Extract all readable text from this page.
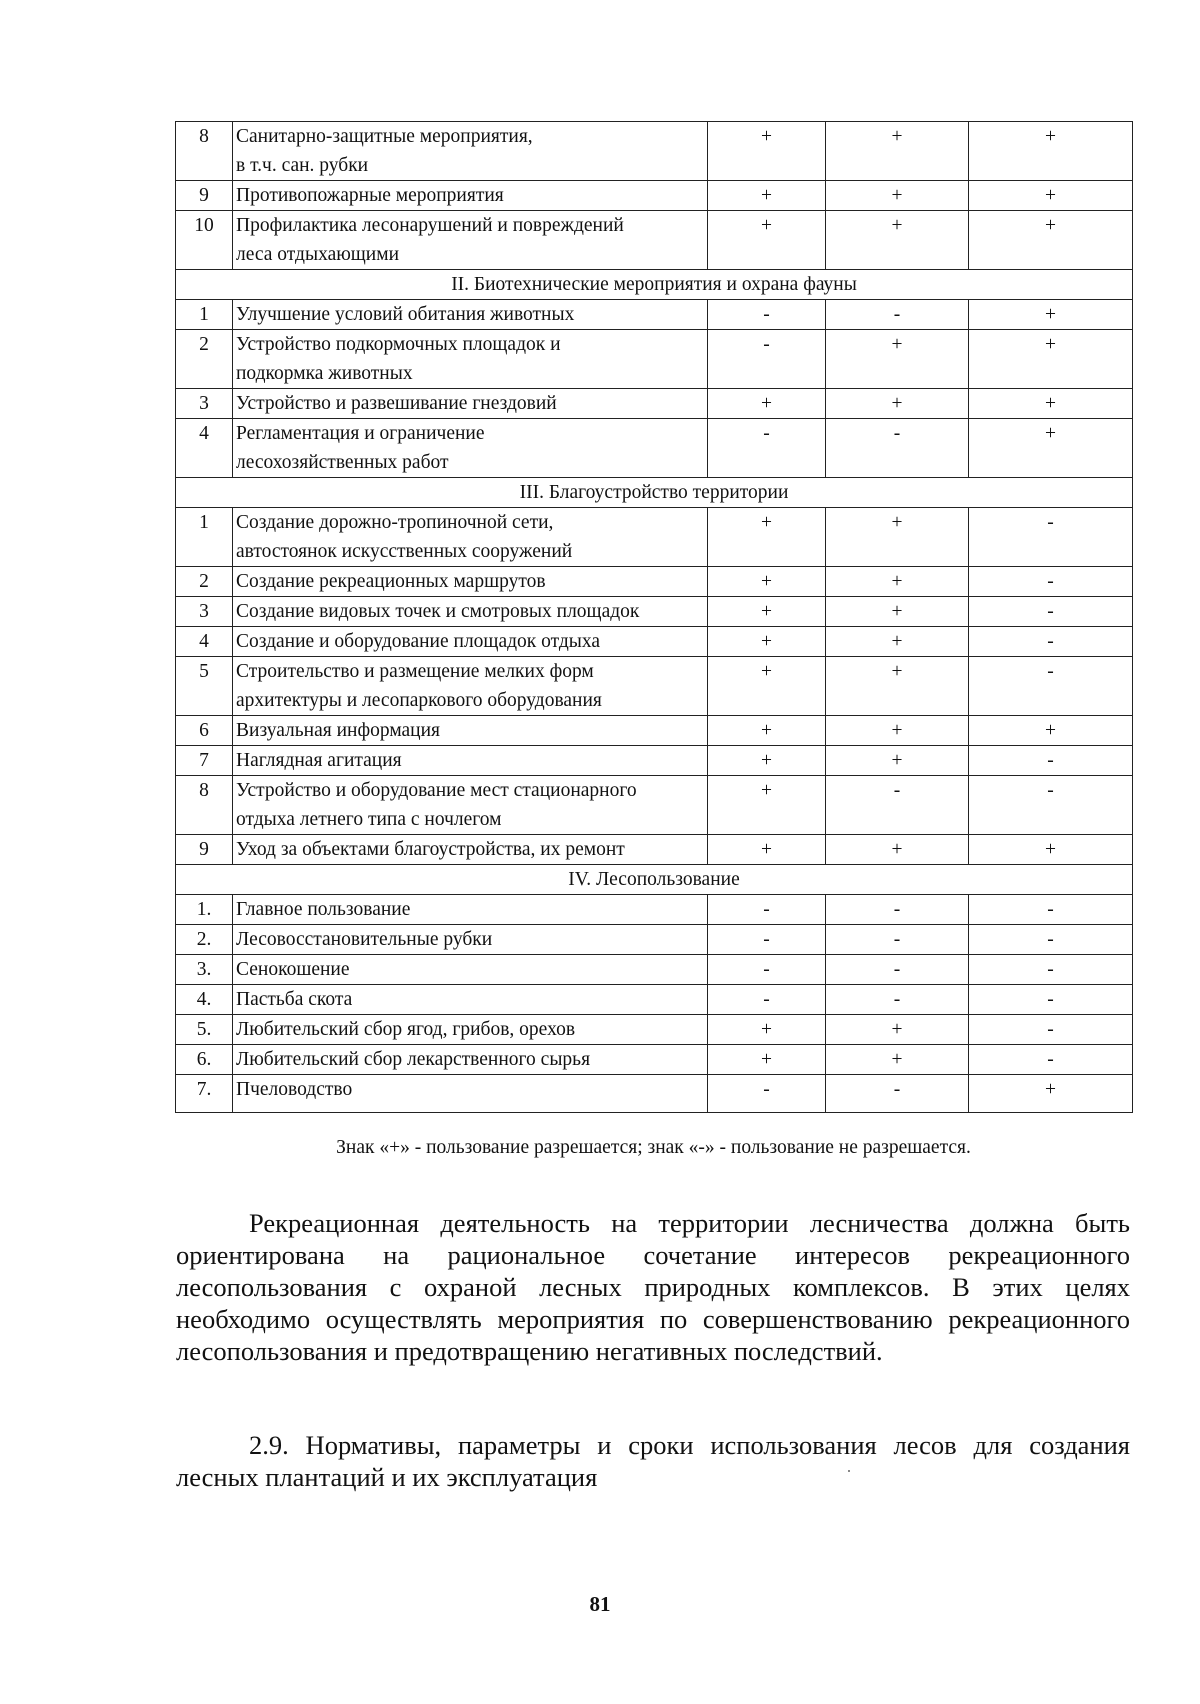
8	Санитарно-защитные мероприятия,
в т.ч. сан. рубки	+	+	+
9	Противопожарные мероприятия	+	+	+
10	Профилактика лесонарушений и повреждений
леса отдыхающими	+	+	+
II. Биотехнические мероприятия и охрана фауны				
1	Улучшение условий обитания животных	-	-	+
2	Устройство подкормочных площадок и
подкормка животных	-	+	+
3	Устройство и развешивание гнездовий	+	+	+
4	Регламентация и ограничение
лесохозяйственных работ	-	-	+
III. Благоустройство территории				
1	Создание дорожно-тропиночной сети,
автостоянок искусственных сооружений	+	+	-
2	Создание рекреационных маршрутов	+	+	-
3	Создание видовых точек и смотровых площадок	+	+	-
4	Создание и оборудование площадок отдыха	+	+	-
5	Строительство и размещение мелких форм
архитектуры и лесопаркового оборудования	+	+	-
6	Визуальная информация	+	+	+
7	Наглядная агитация	+	+	-
8	Устройство и оборудование мест стационарного
отдыха летнего типа с ночлегом	+	-	-
9	Уход за объектами благоустройства, их ремонт	+	+	+
IV. Лесопользование				
1.	Главное пользование	-	-	-
2.	Лесовосстановительные рубки	-	-	-
3.	Сенокошение	-	-	-
4.	Пастьба скота	-	-	-
5.	Любительский сбор ягод, грибов, орехов	+	+	-
6.	Любительский сбор лекарственного сырья	+	+	-
7.	Пчеловодство	-	-	+
Знак «+» - пользование разрешается; знак «-» - пользование не разрешается.

Рекреационная деятельность на территории лесничества должна быть ориентирована на рациональное сочетание интересов рекреационного лесопользования с охраной лесных природных комплексов. В этих целях необходимо осуществлять мероприятия по совершенствованию рекреационного лесопользования и предотвращению негативных последствий.

2.9. Нормативы, параметры и сроки использования лесов для создания лесных плантаций и их эксплуатация

81
